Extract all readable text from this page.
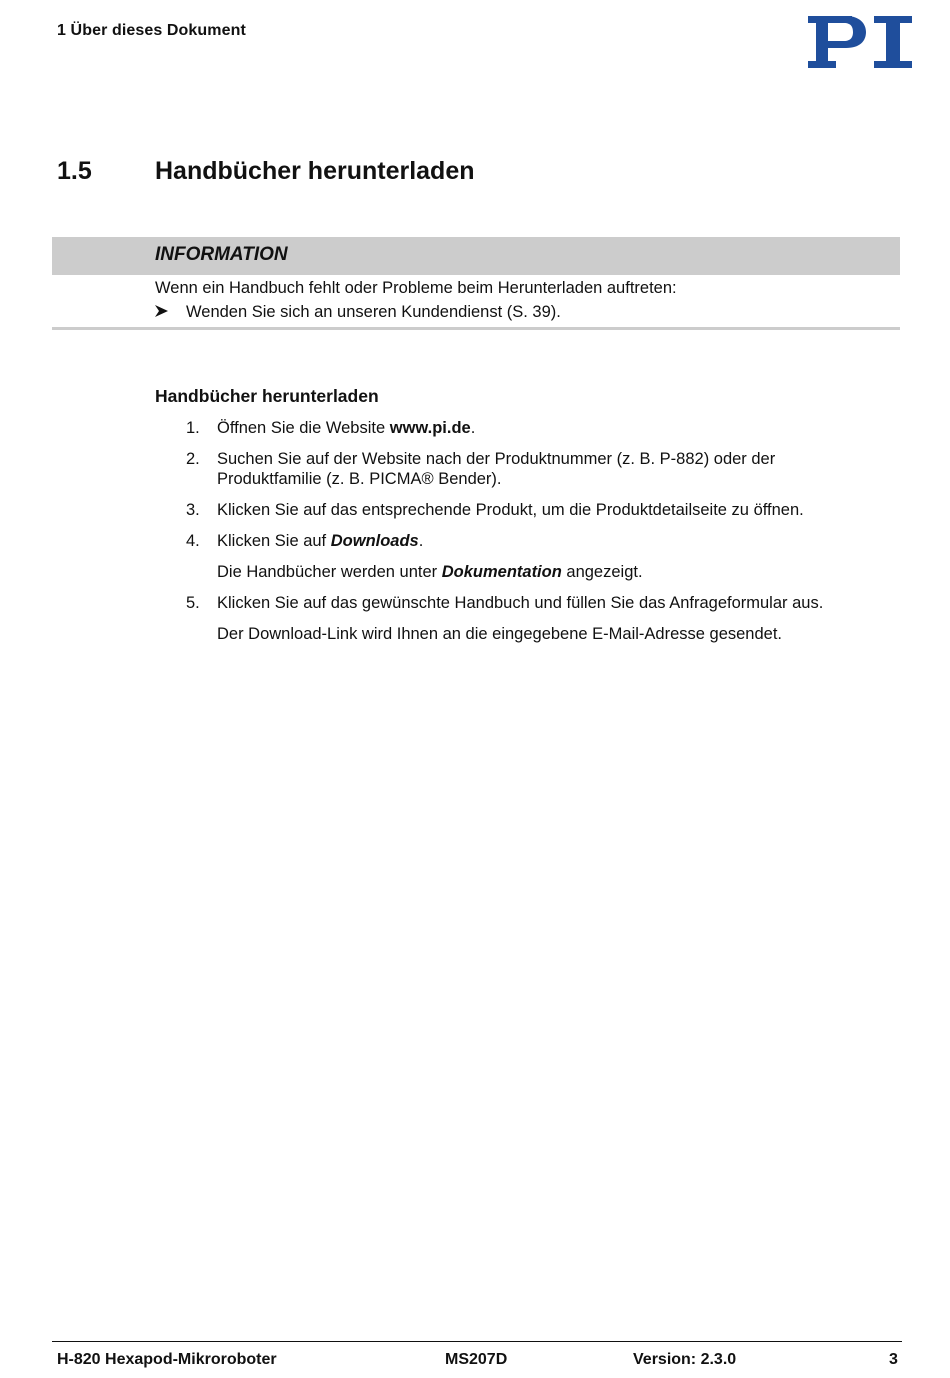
1 Über dieses Dokument
1.5	Handbücher herunterladen
INFORMATION
Wenn ein Handbuch fehlt oder Probleme beim Herunterladen auftreten:
Wenden Sie sich an unseren Kundendienst (S. 39).
Handbücher herunterladen
1.	Öffnen Sie die Website www.pi.de.
2.	Suchen Sie auf der Website nach der Produktnummer (z. B. P-882) oder der Produktfamilie (z. B. PICMA® Bender).
3.	Klicken Sie auf das entsprechende Produkt, um die Produktdetailseite zu öffnen.
4.	Klicken Sie auf Downloads.
Die Handbücher werden unter Dokumentation angezeigt.
5.	Klicken Sie auf das gewünschte Handbuch und füllen Sie das Anfrageformular aus.
Der Download-Link wird Ihnen an die eingegebene E-Mail-Adresse gesendet.
H-820 Hexapod-Mikroroboter	MS207D	Version: 2.3.0	3
